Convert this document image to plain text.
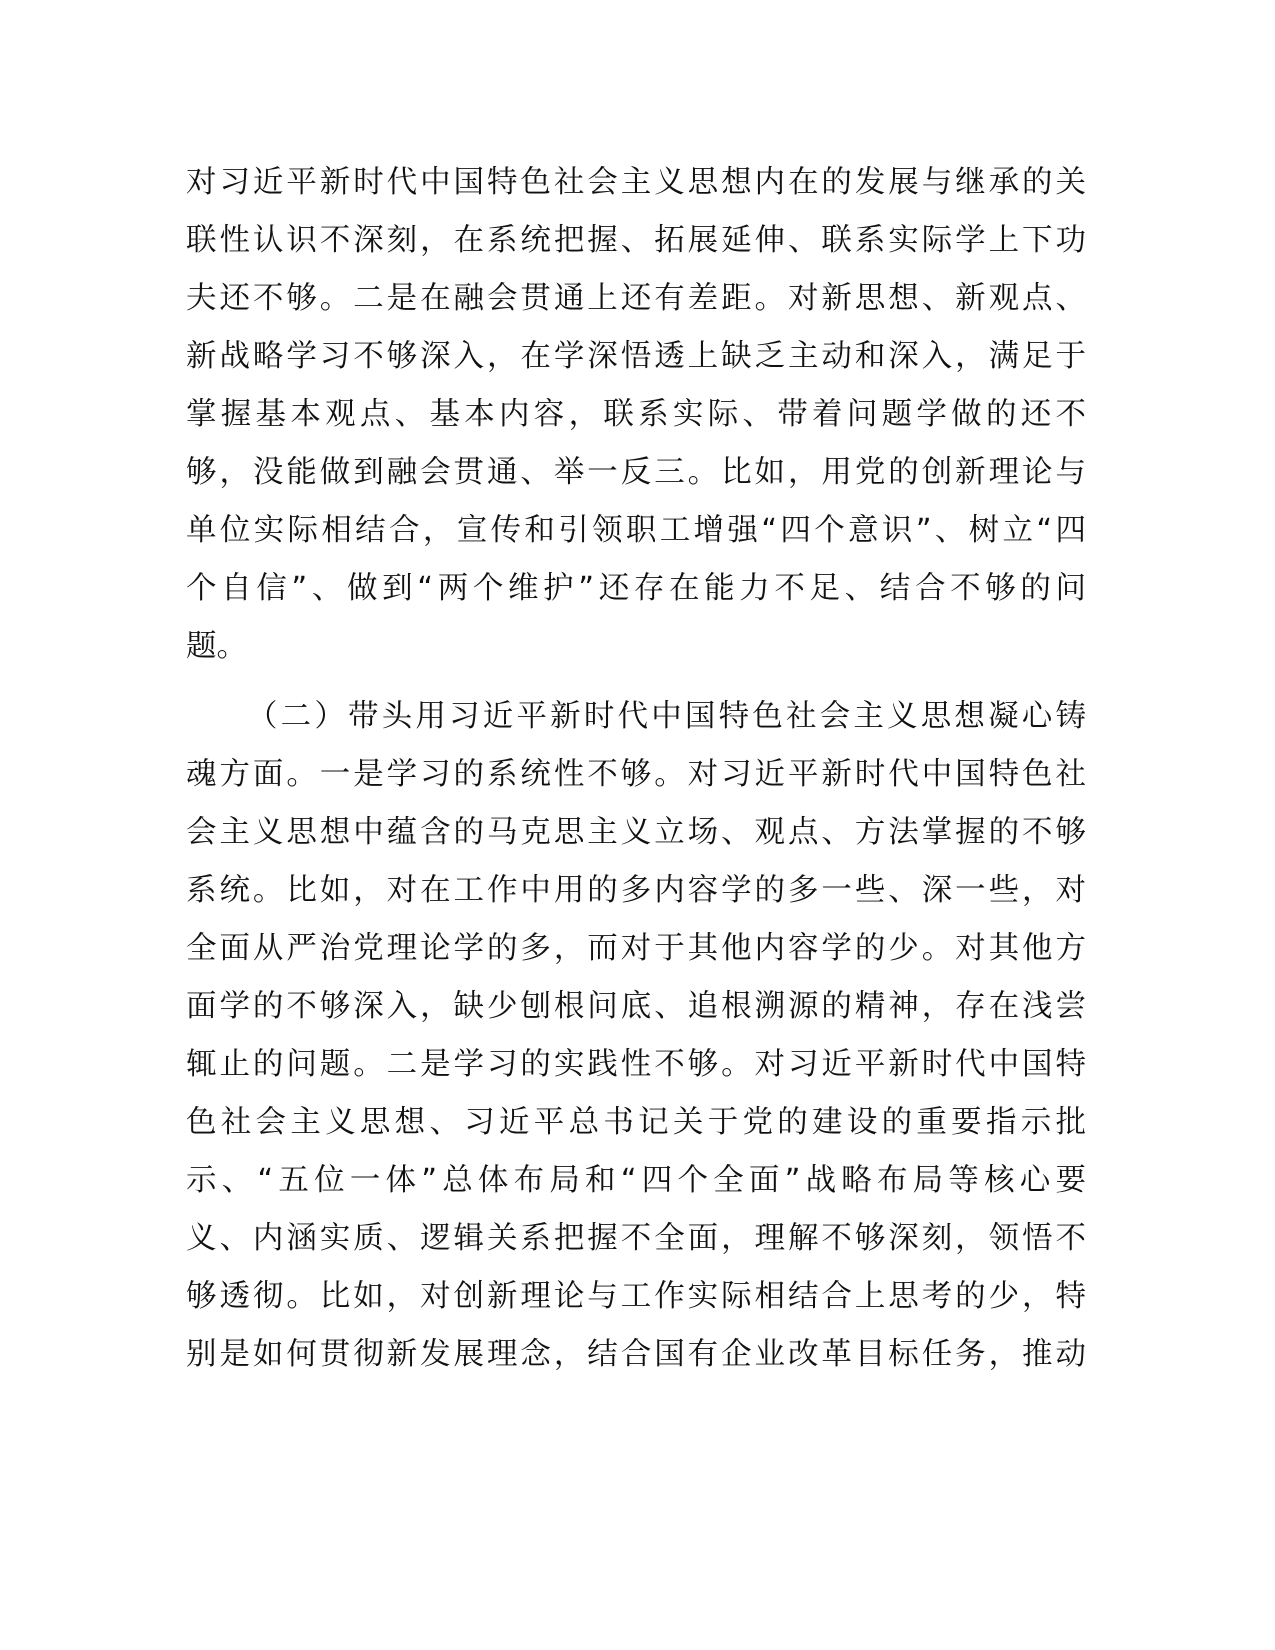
对习近平新时代中国特色社会主义思想内在的发展与继承的关
联性认识不深刻，在系统把握、拓展延伸、联系实际学上下功
夫还不够。二是在融会贯通上还有差距。对新思想、新观点、
新战略学习不够深入，在学深悟透上缺乏主动和深入，满足于
掌握基本观点、基本内容，联系实际、带着问题学做的还不
够，没能做到融会贯通、举一反三。比如，用党的创新理论与
单位实际相结合，宣传和引领职工增强“四个意识”、树立“四
个自信”、做到“两个维护”还存在能力不足、结合不够的问
题。
（二）带头用习近平新时代中国特色社会主义思想凝心铸
魂方面。一是学习的系统性不够。对习近平新时代中国特色社
会主义思想中蕴含的马克思主义立场、观点、方法掌握的不够
系统。比如，对在工作中用的多内容学的多一些、深一些，对
全面从严治党理论学的多，而对于其他内容学的少。对其他方
面学的不够深入，缺少刨根问底、追根溯源的精神，存在浅尝
辄止的问题。二是学习的实践性不够。对习近平新时代中国特
色社会主义思想、习近平总书记关于党的建设的重要指示批
示、“五位一体”总体布局和“四个全面”战略布局等核心要
义、内涵实质、逻辑关系把握不全面，理解不够深刻，领悟不
够透彻。比如，对创新理论与工作实际相结合上思考的少，特
别是如何贯彻新发展理念，结合国有企业改革目标任务，推动
